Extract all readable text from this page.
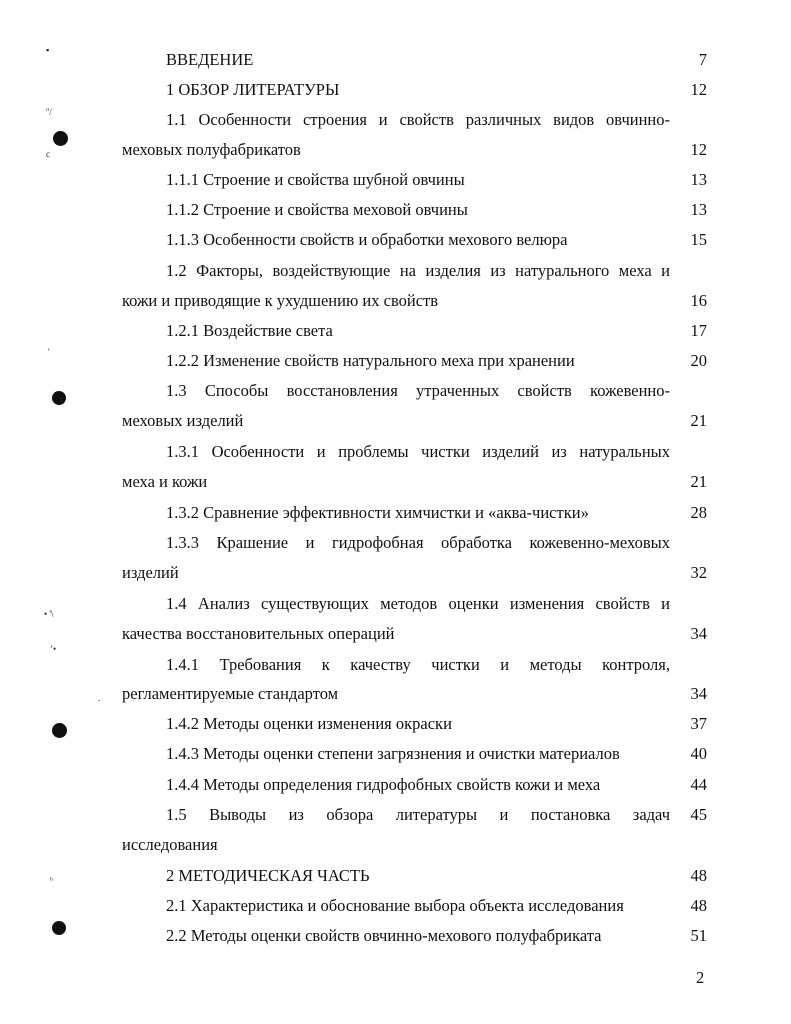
▪
''/
c
'
• '\
ʼ•
.
ʰ
ВВЕДЕНИЕ	7
1 ОБЗОР ЛИТЕРАТУРЫ	12
1.1 Особенности строения и свойств различных видов овчинно-
меховых полуфабрикатов	12
1.1.1 Строение и свойства шубной овчины	13
1.1.2 Строение и свойства меховой овчины	13
1.1.3 Особенности свойств и обработки мехового велюра	15
1.2 Факторы, воздействующие на изделия из натурального меха и
кожи и приводящие к ухудшению их свойств	16
1.2.1 Воздействие света	17
1.2.2 Изменение свойств натурального меха при хранении	20
1.3 Способы восстановления утраченных свойств кожевенно-
меховых изделий	21
1.3.1 Особенности и проблемы чистки изделий из натуральных
меха и кожи	21
1.3.2 Сравнение эффективности химчистки и «аква-чистки»	28
1.3.3 Крашение и гидрофобная обработка кожевенно-меховых
изделий	32
1.4 Анализ существующих методов оценки изменения свойств и
качества восстановительных операций	34
1.4.1 Требования к качеству чистки и методы контроля,
регламентируемые стандартом	34
1.4.2 Методы оценки изменения окраски	37
1.4.3 Методы оценки степени загрязнения и очистки материалов	40
1.4.4 Методы определения гидрофобных свойств кожи и меха	44
1.5 Выводы из обзора литературы и постановка задач	45
исследования
2 МЕТОДИЧЕСКАЯ ЧАСТЬ	48
2.1 Характеристика и обоснование выбора объекта исследования	48
2.2 Методы оценки свойств овчинно-мехового полуфабриката	51
2
